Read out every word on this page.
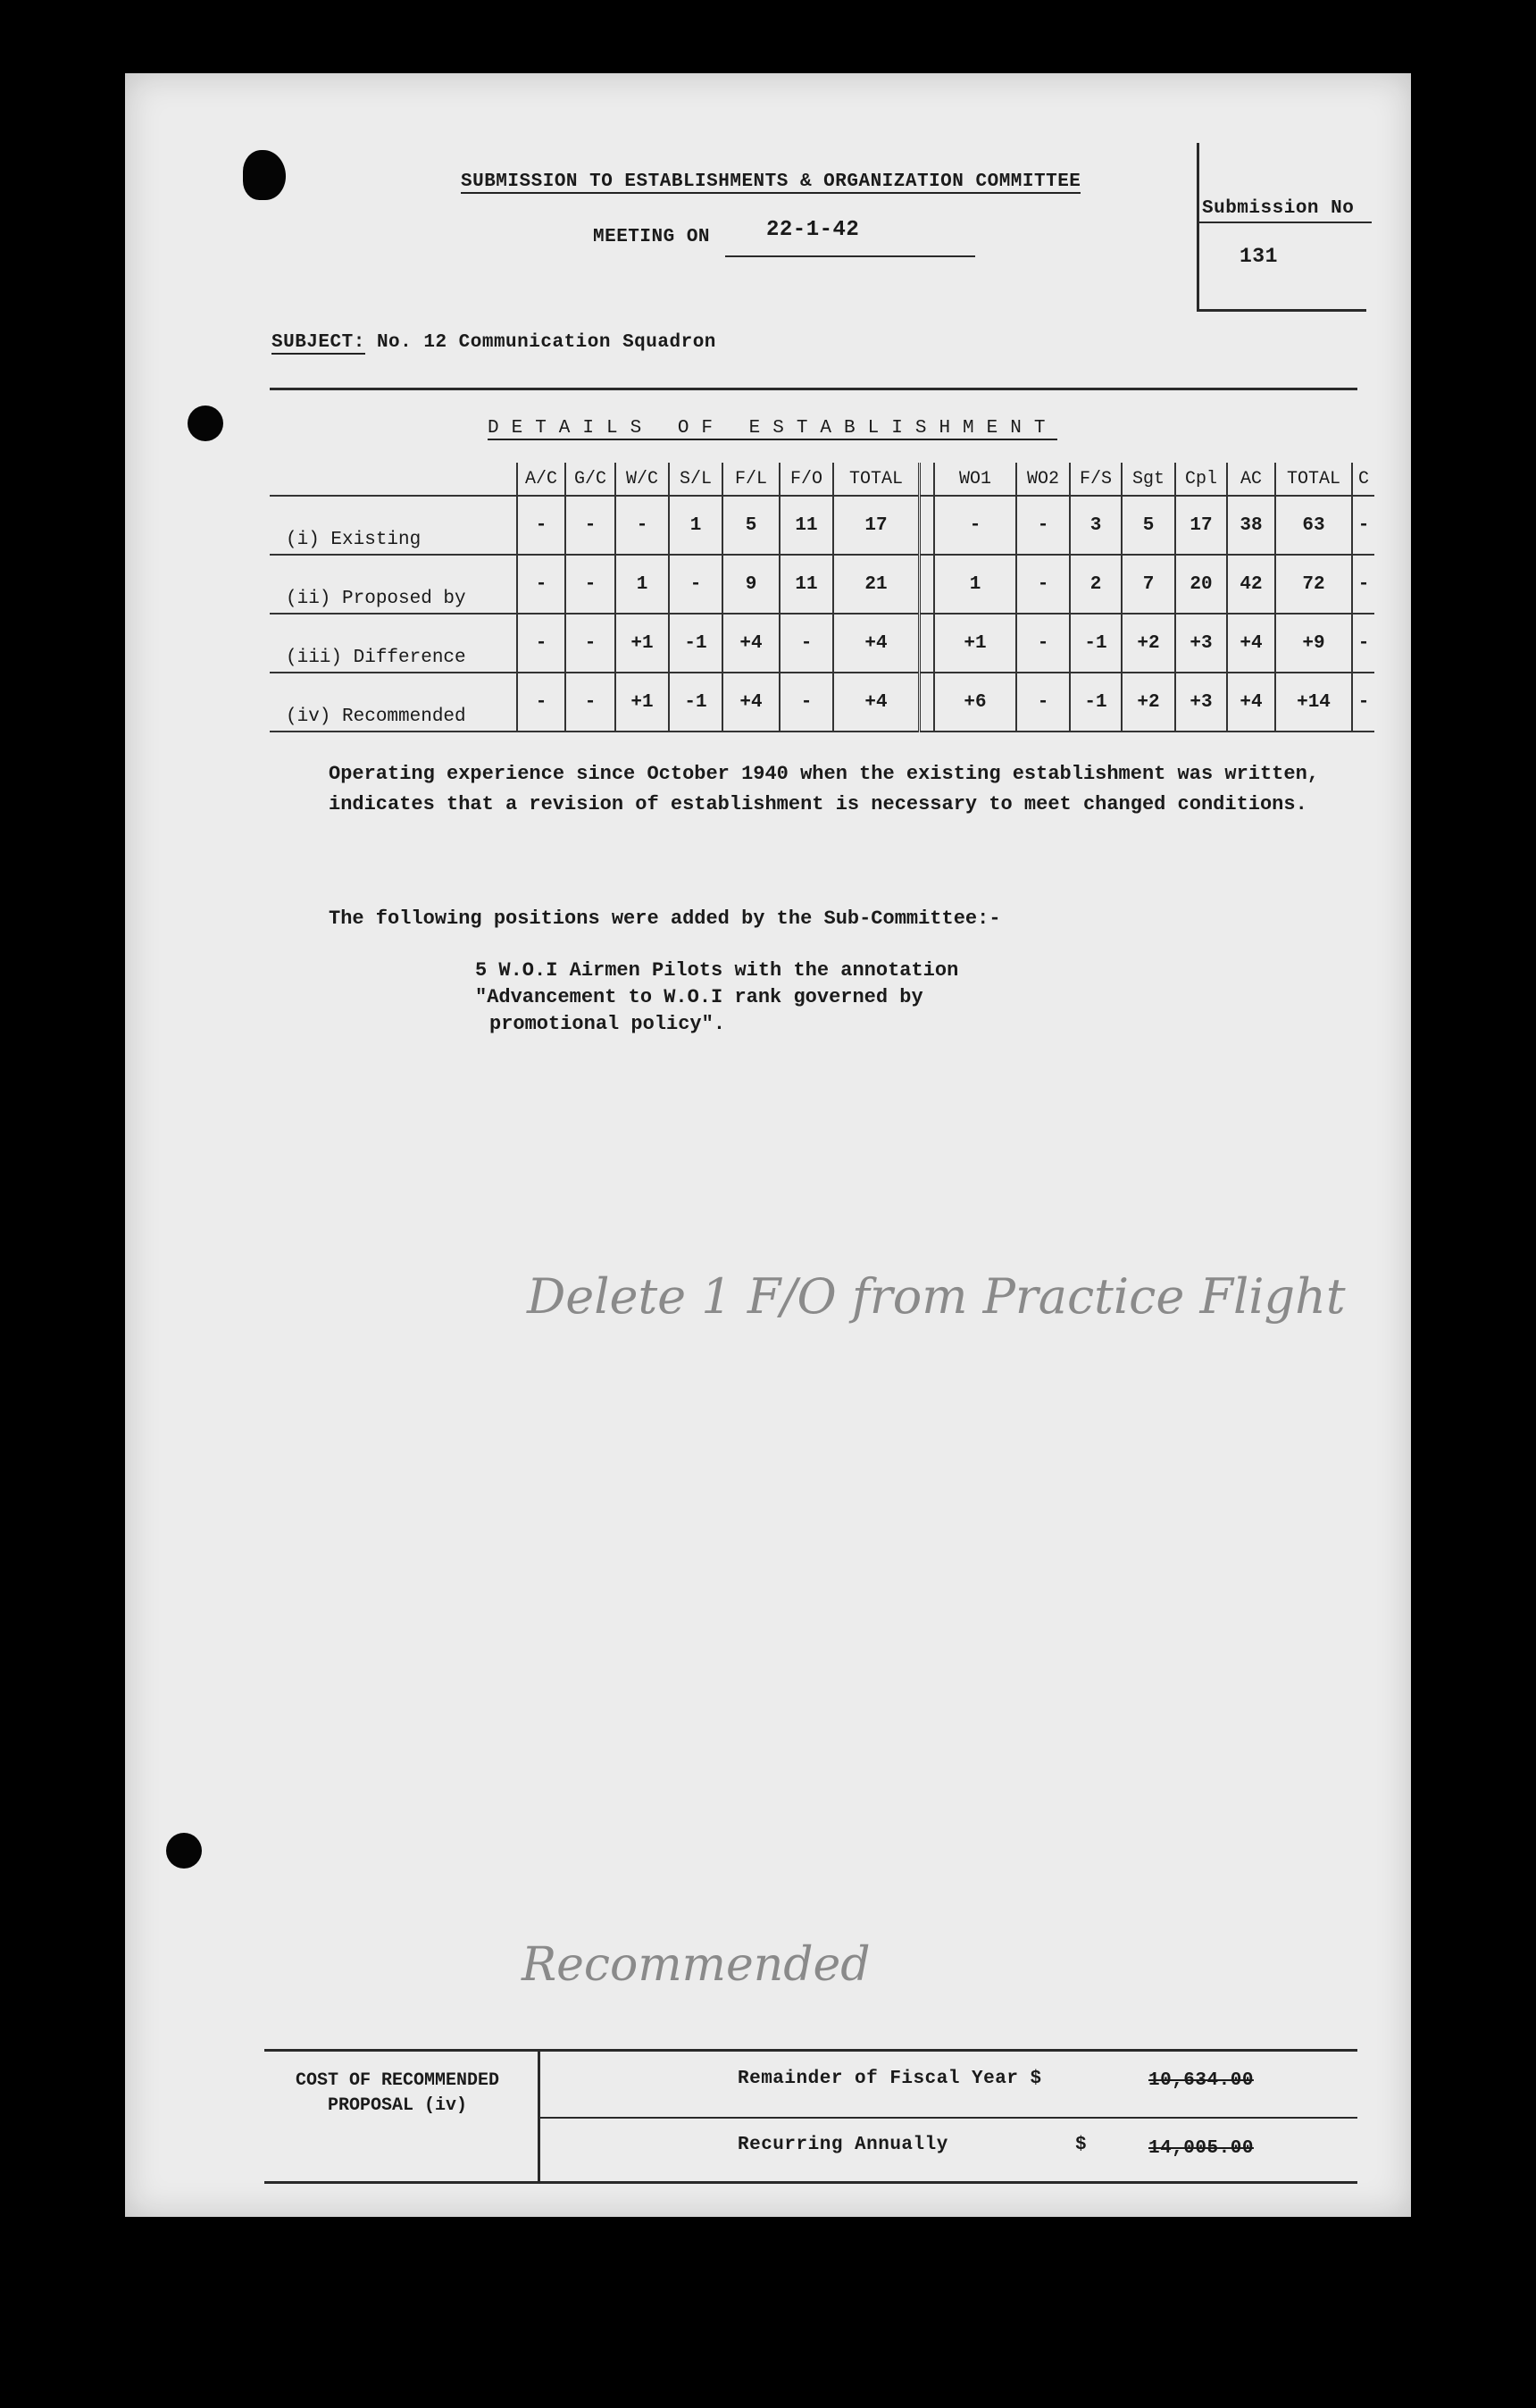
SUBMISSION TO ESTABLISHMENTS & ORGANIZATION COMMITTEE
MEETING ON	22-1-42
Submission No
131
SUBJECT: No. 12 Communication Squadron
DETAILS OF ESTABLISHMENT
	A/C	G/C	W/C	S/L	F/L	F/O	TOTAL		WO1	WO2	F/S	Sgt	Cpl	AC	TOTAL	C
(i) Existing	-	-	-	1	5	11	17		-	-	3	5	17	38	63	-
(ii) Proposed by	-	-	1	-	9	11	21		1	-	2	7	20	42	72	-
(iii) Difference	-	-	+1	-1	+4	-	+4		+1	-	-1	+2	+3	+4	+9	-
(iv) Recommended	-	-	+1	-1	+4	-	+4		+6	-	-1	+2	+3	+4	+14	-
Operating experience since October 1940 when the existing establishment was written, indicates that a revision of establishment is necessary to meet changed conditions.
The following positions were added by the Sub-Committee:-
5 W.O.I Airmen Pilots with the annotation
"Advancement to W.O.I rank governed by
promotional policy".
Delete 1 F/O from Practice Flight
Recommended
COST OF RECOMMENDED
PROPOSAL (iv)
Remainder of Fiscal Year $	10,634.00
Recurring Annually	$	14,005.00
